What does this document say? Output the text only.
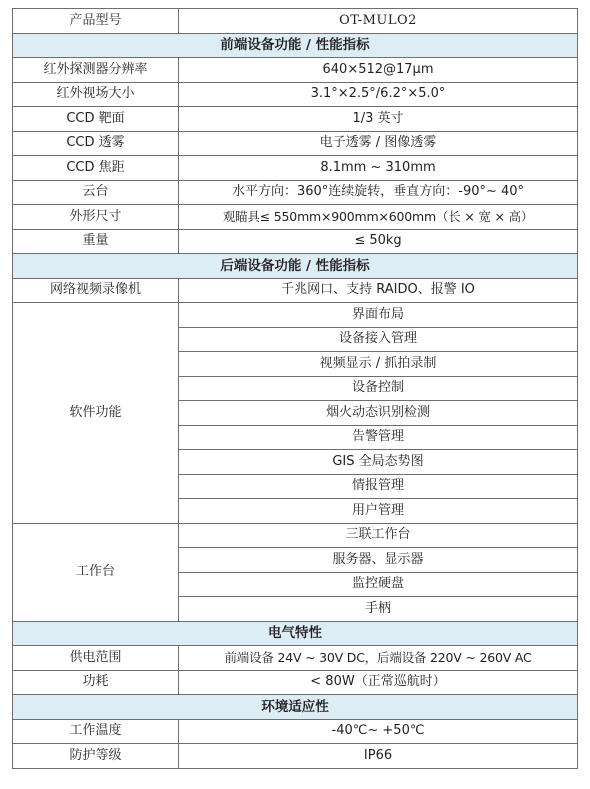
产品型号	OT-MULO2
前端设备功能 / 性能指标	
红外探测器分辨率	640×512@17μm
红外视场大小	3.1°×2.5°/6.2°×5.0°
CCD 靶面	1/3 英寸
CCD 透雾	电子透雾 / 图像透雾
CCD 焦距	8.1mm ~ 310mm
云台	水平方向：360°连续旋转，垂直方向：-90°~ 40°
外形尺寸	观瞄具≤ 550mm×900mm×600mm（长 × 宽 × 高）
重量	≤ 50kg
后端设备功能 / 性能指标	
网络视频录像机	千兆网口、支持 RAIDO、报警 IO
软件功能	界面布局
	设备接入管理
	视频显示 / 抓拍录制
	设备控制
	烟火动态识别检测
	告警管理
	GIS 全局态势图
	情报管理
	用户管理
工作台	三联工作台
	服务器、显示器
	监控硬盘
	手柄
电气特性	
供电范围	前端设备 24V ~ 30V DC，后端设备 220V ~ 260V AC
功耗	< 80W（正常巡航时）
环境适应性	
工作温度	-40℃~ +50℃
防护等级	IP66
